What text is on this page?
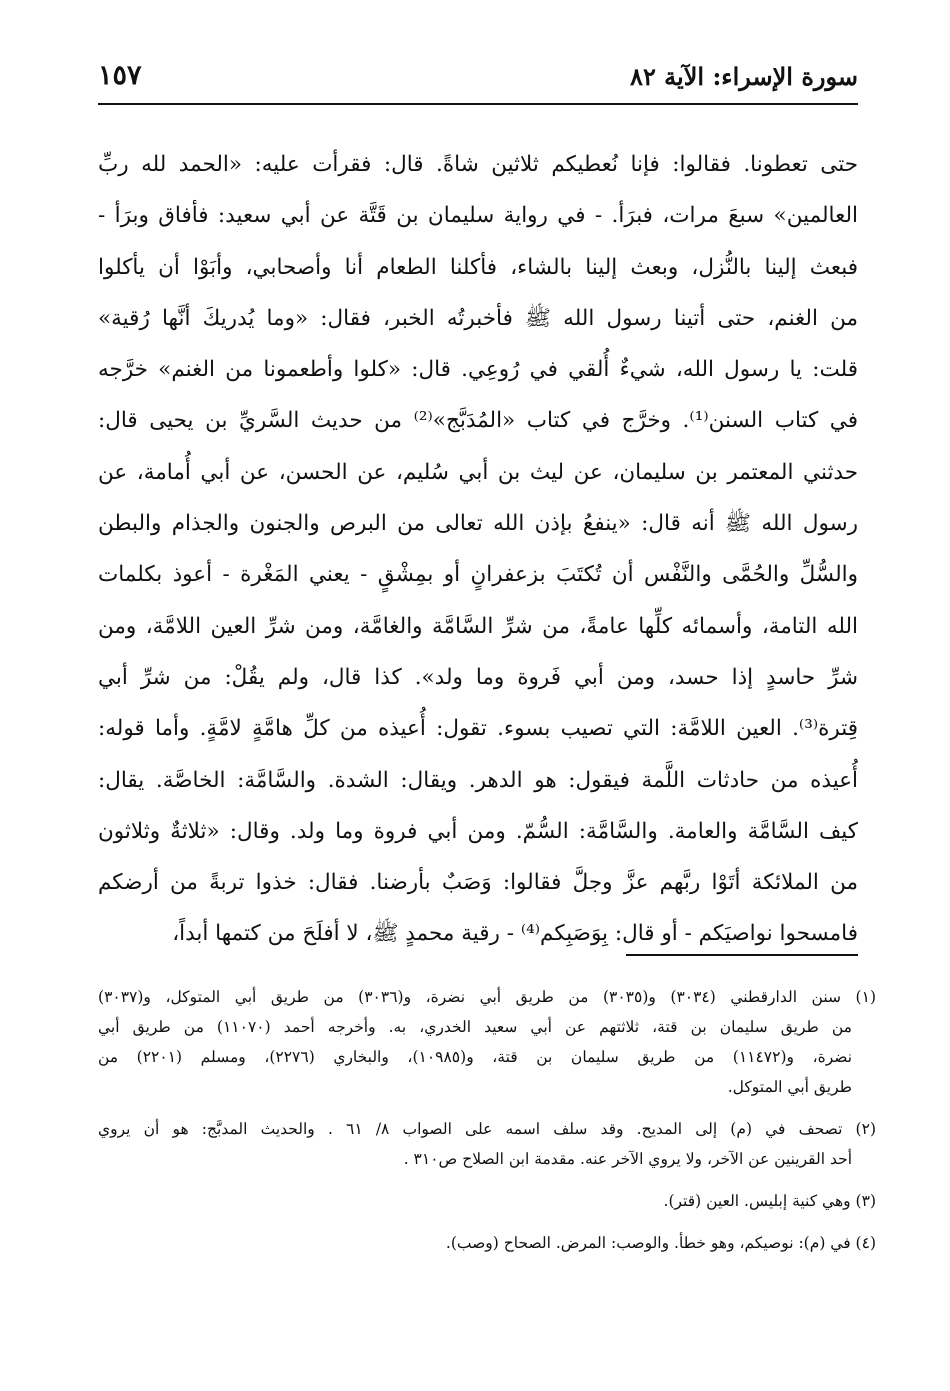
سورة الإسراء: الآية ٨٢
١٥٧
حتى تعطونا. فقالوا: فإنا نُعطيكم ثلاثين شاةً. قال: فقرأت عليه: «الحمد لله ربِّ
العالمين» سبعَ مرات، فبرَأ. - في رواية سليمان بن قَتَّة عن أبي سعيد: فأفاق وبرَأ -
فبعث إلينا بالنُّزل، وبعث إلينا بالشاء، فأكلنا الطعام أنا وأصحابي، وأبَوْا أن يأكلوا
من الغنم، حتى أتينا رسول الله ﷺ فأخبرتُه الخبر، فقال: «وما يُدريكَ أنَّها رُقية»
قلت: يا رسول الله، شيءٌ أُلقي في رُوعِي. قال: «كلوا وأطعمونا من الغنم» خرَّجه
في كتاب السنن⁽¹⁾. وخرَّج في كتاب «المُدَبَّج»⁽²⁾ من حديث السَّريِّ بن يحيى قال:
حدثني المعتمر بن سليمان، عن ليث بن أبي سُليم، عن الحسن، عن أبي أُمامة، عن
رسول الله ﷺ أنه قال: «ينفعُ بإذن الله تعالى من البرص والجنون والجذام والبطن
والسُّلِّ والحُمَّى والنَّفْس أن تُكتَبَ بزعفرانٍ أو بمِشْقٍ - يعني المَغْرة - أعوذ بكلمات
الله التامة، وأسمائه كلِّها عامةً، من شرِّ السَّامَّة والغامَّة، ومن شرِّ العين اللامَّة، ومن
شرِّ حاسدٍ إذا حسد، ومن أبي فَروة وما ولد». كذا قال، ولم يقُلْ: من شرِّ أبي
قِترة⁽³⁾. العين اللامَّة: التي تصيب بسوء. تقول: أُعيذه من كلِّ هامَّةٍ لامَّةٍ. وأما قوله:
أُعيذه من حادثات اللَّمة فيقول: هو الدهر. ويقال: الشدة. والسَّامَّة: الخاصَّة. يقال:
كيف السَّامَّة والعامة. والسَّامَّة: السُّمّ. ومن أبي فروة وما ولد. وقال: «ثلاثةٌ وثلاثون
من الملائكة أتَوْا ربَّهم عزَّ وجلَّ فقالوا: وَصَبٌ بأرضنا. فقال: خذوا تربةً من أرضكم
فامسحوا نواصيَكم - أو قال: بِوَصَبِكم⁽⁴⁾ - رقية محمدٍ ﷺ، لا أفلَحَ من كتمها أبداً،
(١) سنن الدارقطني (٣٠٣٤) و(٣٠٣٥) من طريق أبي نضرة، و(٣٠٣٦) من طريق أبي المتوكل، و(٣٠٣٧)
من طريق سليمان بن قتة، ثلاثتهم عن أبي سعيد الخدري، به. وأخرجه أحمد (١١٠٧٠) من طريق أبي
نضرة، و(١١٤٧٢) من طريق سليمان بن قتة، و(١٠٩٨٥)، والبخاري (٢٢٧٦)، ومسلم (٢٢٠١) من
طريق أبي المتوكل.
(٢) تصحف في (م) إلى المديح. وقد سلف اسمه على الصواب ٨/ ٦١ . والحديث المدبَّج: هو أن يروي
أحد القرينين عن الآخر، ولا يروي الآخر عنه. مقدمة ابن الصلاح ص٣١٠ .
(٣) وهي كنية إبليس. العين (قتر).
(٤) في (م): نوصيكم، وهو خطأ. والوصب: المرض. الصحاح (وصب).
